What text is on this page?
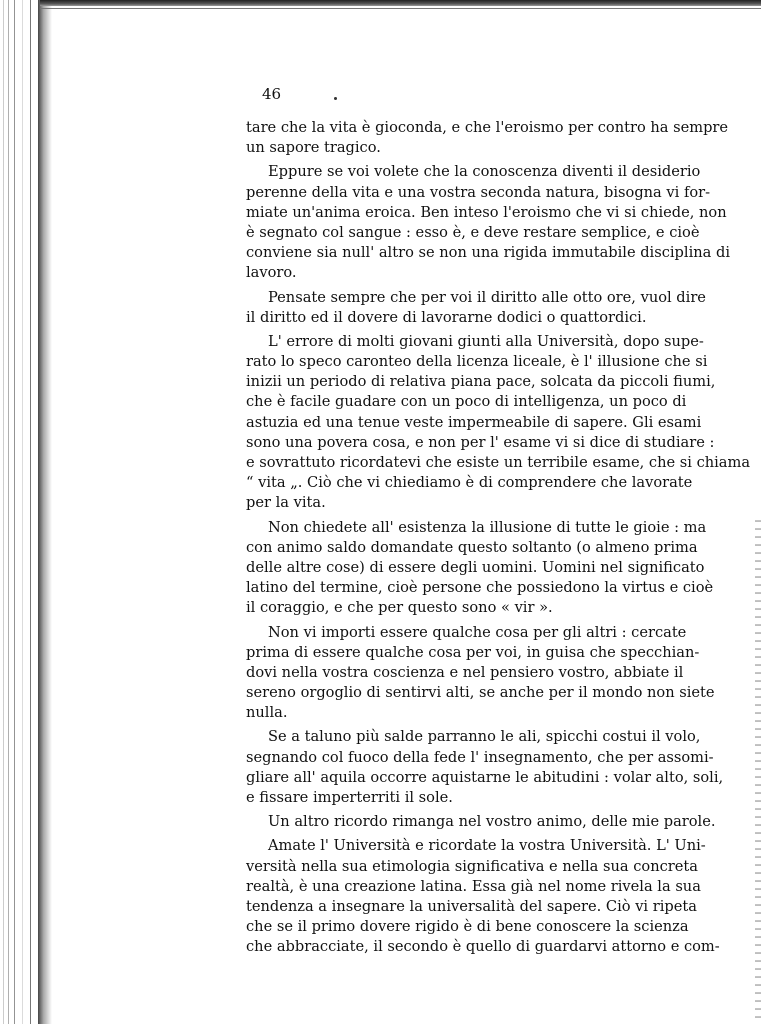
46
tare che la vita è gioconda, e che l'eroismo per contro ha sempre
un sapore tragico.
Eppure se voi volete che la conoscenza diventi il desiderio
perenne della vita e una vostra seconda natura, bisogna vi for-
miate un'anima eroica. Ben inteso l'eroismo che vi si chiede, non
è segnato col sangue : esso è, e deve restare semplice, e cioè
conviene sia null' altro se non una rigida immutabile disciplina di
lavoro.
Pensate sempre che per voi il diritto alle otto ore, vuol dire
il diritto ed il dovere di lavorarne dodici o quattordici.
L' errore di molti giovani giunti alla Università, dopo supe-
rato lo speco caronteo della licenza liceale, è l' illusione che si
inizii un periodo di relativa piana pace, solcata da piccoli fiumi,
che è facile guadare con un poco di intelligenza, un poco di
astuzia ed una tenue veste impermeabile di sapere. Gli esami
sono una povera cosa, e non per l' esame vi si dice di studiare :
e sovrattuto ricordatevi che esiste un terribile esame, che si chiama
“ vita „. Ciò che vi chiediamo è di comprendere che lavorate
per la vita.
Non chiedete all' esistenza la illusione di tutte le gioie : ma
con animo saldo domandate questo soltanto (o almeno prima
delle altre cose) di essere degli uomini. Uomini nel significato
latino del termine, cioè persone che possiedono la virtus e cioè
il coraggio, e che per questo sono « vir ».
Non vi importi essere qualche cosa per gli altri : cercate
prima di essere qualche cosa per voi, in guisa che specchian-
dovi nella vostra coscienza e nel pensiero vostro, abbiate il
sereno orgoglio di sentirvi alti, se anche per il mondo non siete
nulla.
Se a taluno più salde parranno le ali, spicchi costui il volo,
segnando col fuoco della fede l' insegnamento, che per assomi-
gliare all' aquila occorre aquistarne le abitudini : volar alto, soli,
e fissare imperterriti il sole.
Un altro ricordo rimanga nel vostro animo, delle mie parole.
Amate l' Università e ricordate la vostra Università. L' Uni-
versità nella sua etimologia significativa e nella sua concreta
realtà, è una creazione latina. Essa già nel nome rivela la sua
tendenza a insegnare la universalità del sapere. Ciò vi ripeta
che se il primo dovere rigido è di bene conoscere la scienza
che abbracciate, il secondo è quello di guardarvi attorno e com-
